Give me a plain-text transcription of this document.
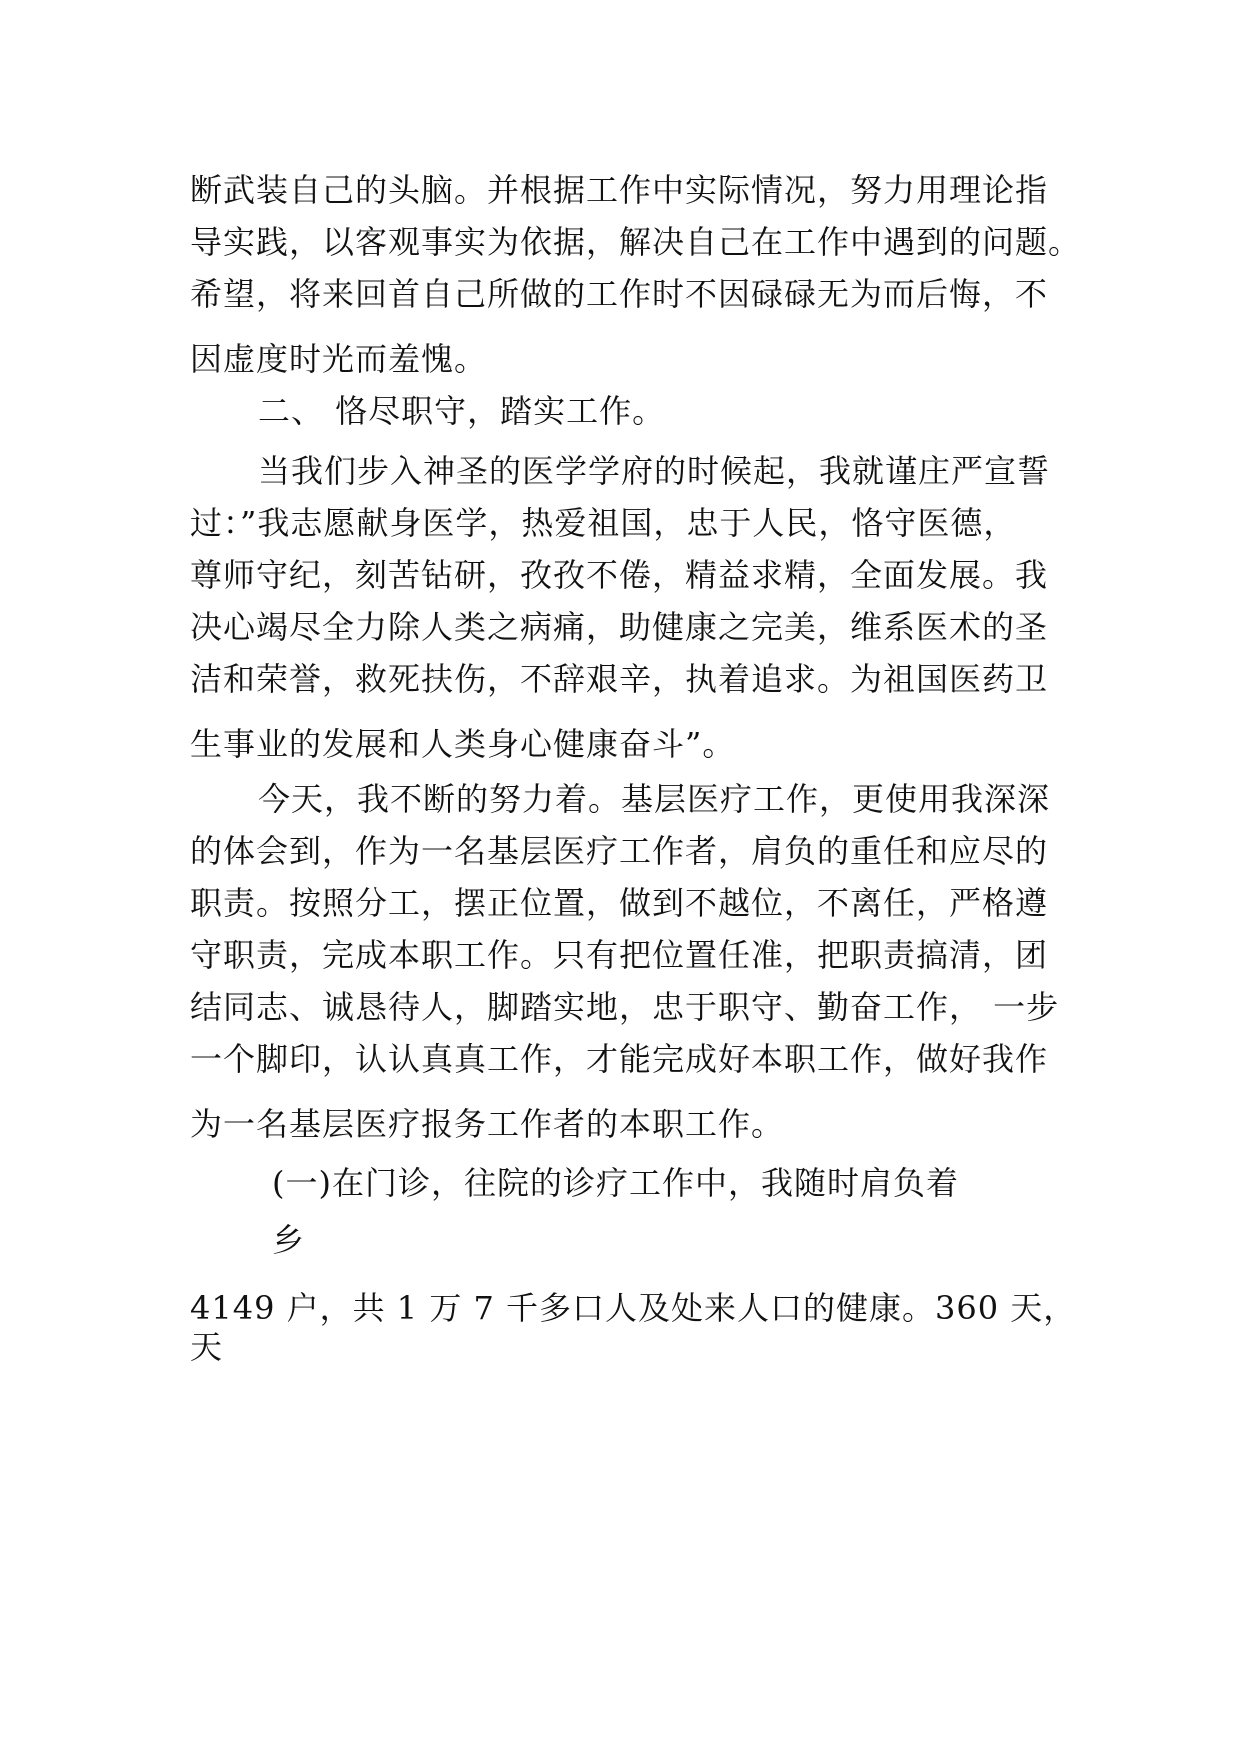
断武装自己的头脑。并根据工作中实际情况，努力用理论指
导实践，以客观事实为依据，解决自己在工作中遇到的问题。
希望，将来回首自己所做的工作时不因碌碌无为而后悔，不
因虚度时光而羞愧。
二、 恪尽职守，踏实工作。
当我们步入神圣的医学学府的时候起，我就谨庄严宣誓
过：”我志愿献身医学，热爱祖国，忠于人民，恪守医德，
尊师守纪，刻苦钻研，孜孜不倦，精益求精，全面发展。我
决心竭尽全力除人类之病痛，助健康之完美，维系医术的圣
洁和荣誉，救死扶伤，不辞艰辛，执着追求。为祖国医药卫
生事业的发展和人类身心健康奋斗”。
今天，我不断的努力着。基层医疗工作，更使用我深深
的体会到，作为一名基层医疗工作者，肩负的重任和应尽的
职责。按照分工，摆正位置，做到不越位，不离任，严格遵
守职责，完成本职工作。只有把位置任准，把职责搞清，团
结同志、诚恳待人，脚踏实地，忠于职守、勤奋工作， 一步
一个脚印，认认真真工作，才能完成好本职工作，做好我作
为一名基层医疗报务工作者的本职工作。
(一)在门诊，往院的诊疗工作中，我随时肩负着
乡
4149 户，共 1 万 7 千多口人及处来人口的健康。360 天，
天
